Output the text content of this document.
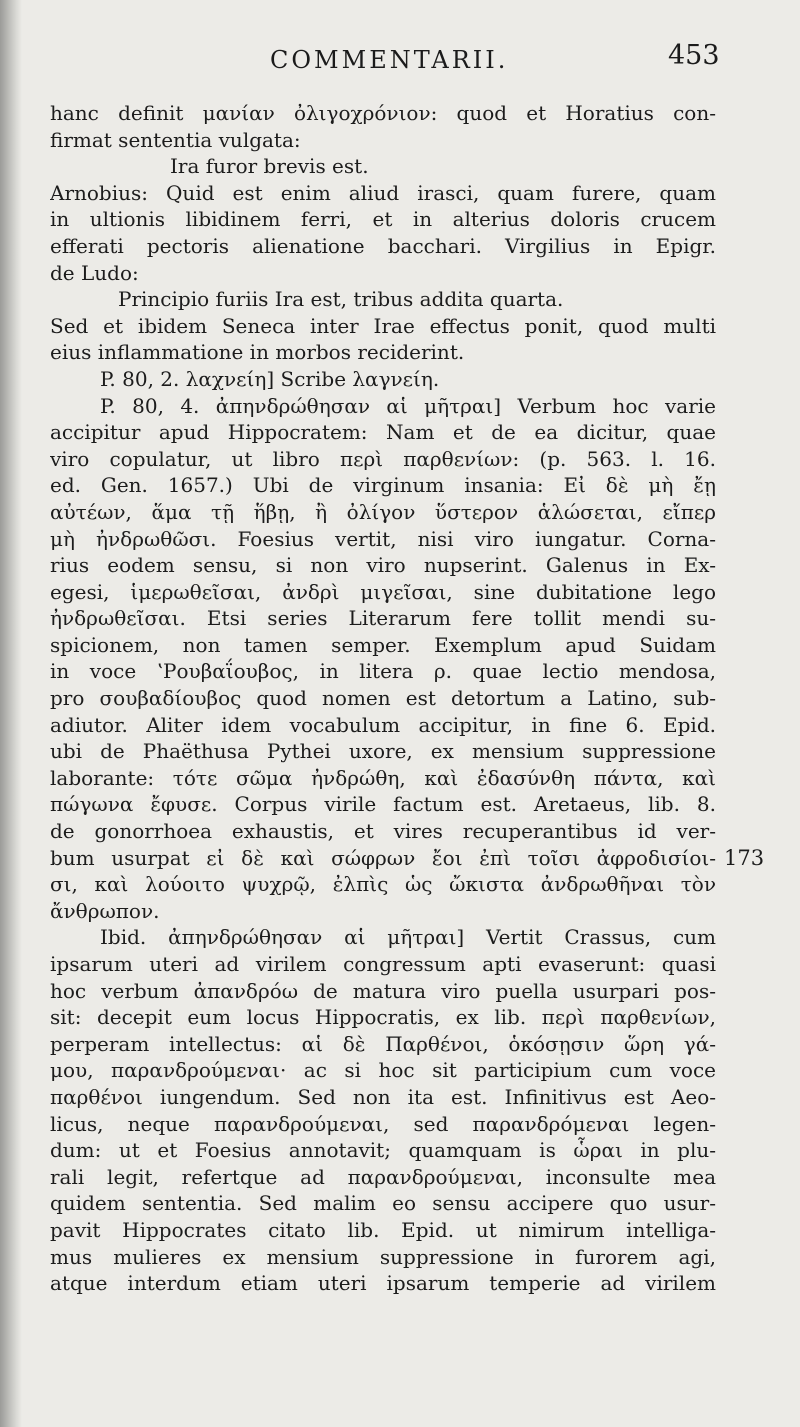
COMMENTARII.	453
hanc definit μανίαν ὀλιγοχρόνιον: quod et Horatius con-
firmat sententia vulgata:
Ira furor brevis est.
Arnobius: Quid est enim aliud irasci, quam furere, quam
in ultionis libidinem ferri, et in alterius doloris crucem
efferati pectoris alienatione bacchari. Virgilius in Epigr.
de Ludo:
Principio furiis Ira est, tribus addita quarta.
Sed et ibidem Seneca inter Irae effectus ponit, quod multi
eius inflammatione in morbos reciderint.
P. 80, 2. λαχνείη] Scribe λαγνείη.
P. 80, 4. ἀπηνδρώθησαν αἱ μῆτραι] Verbum hoc varie
accipitur apud Hippocratem: Nam et de ea dicitur, quae
viro copulatur, ut libro περὶ παρθενίων: (p. 563. l. 16.
ed. Gen. 1657.) Ubi de virginum insania: Εἰ δὲ μὴ ἔῃ
αὐτέων, ἅμα τῇ ἥβῃ, ἢ ὀλίγον ὕστερον ἁλώσεται, εἴπερ
μὴ ἠνδρωθῶσι. Foesius vertit, nisi viro iungatur. Corna-
rius eodem sensu, si non viro nupserint. Galenus in Ex-
egesi, ἱμερωθεῖσαι, ἀνδρὶ μιγεῖσαι, sine dubitatione lego
ἠνδρωθεῖσαι. Etsi series Literarum fere tollit mendi su-
spicionem, non tamen semper. Exemplum apud Suidam
in voce ʽΡουβαΐουβος, in litera ρ. quae lectio mendosa,
pro σουβαδίουβος quod nomen est detortum a Latino, sub-
adiutor. Aliter idem vocabulum accipitur, in fine 6. Epid.
ubi de Phaëthusa Pythei uxore, ex mensium suppressione
laborante: τότε σῶμα ἠνδρώθη, καὶ ἐδασύνθη πάντα, καὶ
πώγωνα ἔφυσε. Corpus virile factum est. Aretaeus, lib. 8.
de gonorrhoea exhaustis, et vires recuperantibus id ver-
bum usurpat εἰ δὲ καὶ σώφρων ἔοι ἐπὶ τοῖσι ἀφροδισίοι-
σι, καὶ λούοιτο ψυχρῷ, ἐλπὶς ὡς ὤκιστα ἀνδρωθῆναι τὸν
ἄνθρωπον.
Ibid. ἀπηνδρώθησαν αἱ μῆτραι] Vertit Crassus, cum
ipsarum uteri ad virilem congressum apti evaserunt: quasi
hoc verbum ἀπανδρόω de matura viro puella usurpari pos-
sit: decepit eum locus Hippocratis, ex lib. περὶ παρθενίων,
perperam intellectus: αἱ δὲ Παρθένοι, ὁκόσῃσιν ὥρη γά-
μου, παρανδρούμεναι· ac si hoc sit participium cum voce
παρθένοι iungendum. Sed non ita est. Infinitivus est Aeo-
licus, neque παρανδρούμεναι, sed παρανδρόμεναι legen-
dum: ut et Foesius annotavit; quamquam is ὧραι in plu-
rali legit, refertque ad παρανδρούμεναι, inconsulte mea
quidem sententia. Sed malim eo sensu accipere quo usur-
pavit Hippocrates citato lib. Epid. ut nimirum intelliga-
mus mulieres ex mensium suppressione in furorem agi,
atque interdum etiam uteri ipsarum temperie ad virilem
173
